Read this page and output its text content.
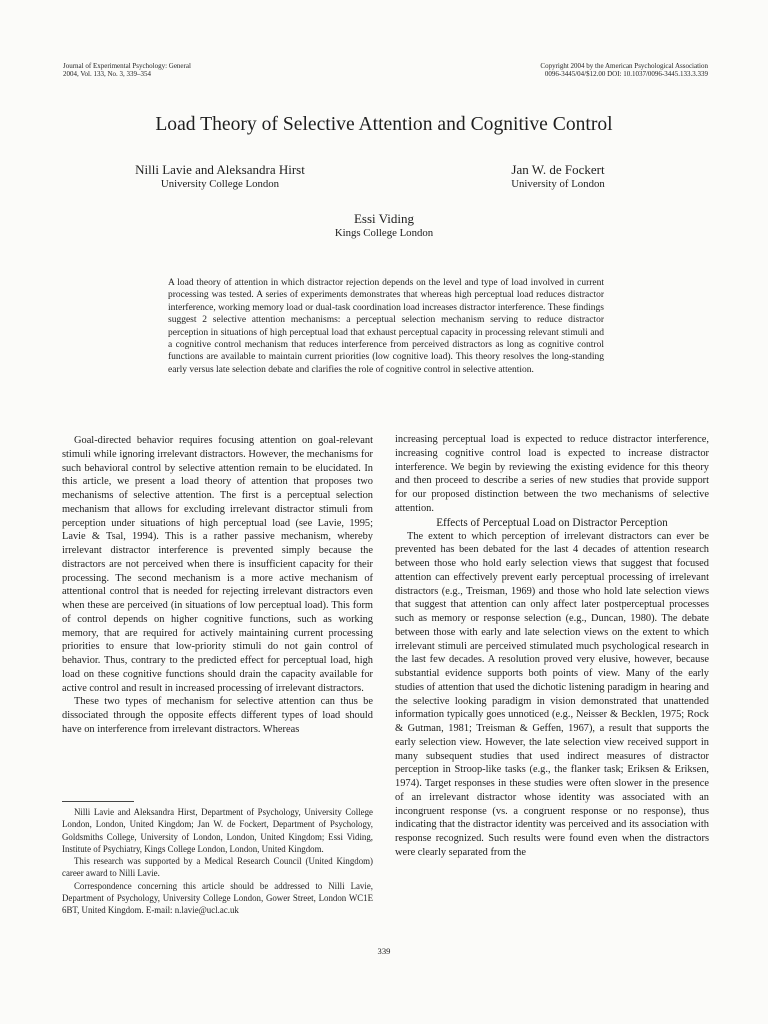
Journal of Experimental Psychology: General
2004, Vol. 133, No. 3, 339–354
Copyright 2004 by the American Psychological Association
0096-3445/04/$12.00 DOI: 10.1037/0096-3445.133.3.339
Load Theory of Selective Attention and Cognitive Control
Nilli Lavie and Aleksandra Hirst
University College London
Jan W. de Fockert
University of London
Essi Viding
Kings College London
A load theory of attention in which distractor rejection depends on the level and type of load involved in current processing was tested. A series of experiments demonstrates that whereas high perceptual load reduces distractor interference, working memory load or dual-task coordination load increases distractor interference. These findings suggest 2 selective attention mechanisms: a perceptual selection mechanism serving to reduce distractor perception in situations of high perceptual load that exhaust perceptual capacity in processing relevant stimuli and a cognitive control mechanism that reduces interference from perceived distractors as long as cognitive control functions are available to maintain current priorities (low cognitive load). This theory resolves the long-standing early versus late selection debate and clarifies the role of cognitive control in selective attention.

Goal-directed behavior requires focusing attention on goal-relevant stimuli while ignoring irrelevant distractors. However, the mechanisms for such behavioral control by selective attention remain to be elucidated. In this article, we present a load theory of attention that proposes two mechanisms of selective attention. The first is a perceptual selection mechanism that allows for excluding irrelevant distractor stimuli from perception under situations of high perceptual load (see Lavie, 1995; Lavie & Tsal, 1994). This is a rather passive mechanism, whereby irrelevant distractor interference is prevented simply because the distractors are not perceived when there is insufficient capacity for their processing. The second mechanism is a more active mechanism of attentional control that is needed for rejecting irrelevant distractors even when these are perceived (in situations of low perceptual load). This form of control depends on higher cognitive functions, such as working memory, that are required for actively maintaining current processing priorities to ensure that low-priority stimuli do not gain control of behavior. Thus, contrary to the predicted effect for perceptual load, high load on these cognitive functions should drain the capacity available for active control and result in increased processing of irrelevant distractors.

These two types of mechanism for selective attention can thus be dissociated through the opposite effects different types of load should have on interference from irrelevant distractors. Whereas

Nilli Lavie and Aleksandra Hirst, Department of Psychology, University College London, London, United Kingdom; Jan W. de Fockert, Department of Psychology, Goldsmiths College, University of London, London, United Kingdom; Essi Viding, Institute of Psychiatry, Kings College London, London, United Kingdom.

This research was supported by a Medical Research Council (United Kingdom) career award to Nilli Lavie.

Correspondence concerning this article should be addressed to Nilli Lavie, Department of Psychology, University College London, Gower Street, London WC1E 6BT, United Kingdom. E-mail: n.lavie@ucl.ac.uk

increasing perceptual load is expected to reduce distractor interference, increasing cognitive control load is expected to increase distractor interference. We begin by reviewing the existing evidence for this theory and then proceed to describe a series of new studies that provide support for our proposed distinction between the two mechanisms of selective attention.

Effects of Perceptual Load on Distractor Perception

The extent to which perception of irrelevant distractors can ever be prevented has been debated for the last 4 decades of attention research between those who hold early selection views that suggest that focused attention can effectively prevent early perceptual processing of irrelevant distractors (e.g., Treisman, 1969) and those who hold late selection views that suggest that attention can only affect later postperceptual processes such as memory or response selection (e.g., Duncan, 1980). The debate between those with early and late selection views on the extent to which irrelevant stimuli are perceived stimulated much psychological research in the last few decades. A resolution proved very elusive, however, because substantial evidence supports both points of view. Many of the early studies of attention that used the dichotic listening paradigm in hearing and the selective looking paradigm in vision demonstrated that unattended information typically goes unnoticed (e.g., Neisser & Becklen, 1975; Rock & Gutman, 1981; Treisman & Geffen, 1967), a result that supports the early selection view. However, the late selection view received support in many subsequent studies that used indirect measures of distractor perception in Stroop-like tasks (e.g., the flanker task; Eriksen & Eriksen, 1974). Target responses in these studies were often slower in the presence of an irrelevant distractor whose identity was associated with an incongruent response (vs. a congruent response or no response), thus indicating that the distractor identity was perceived and its association with response recognized. Such results were found even when the distractors were clearly separated from the

339
